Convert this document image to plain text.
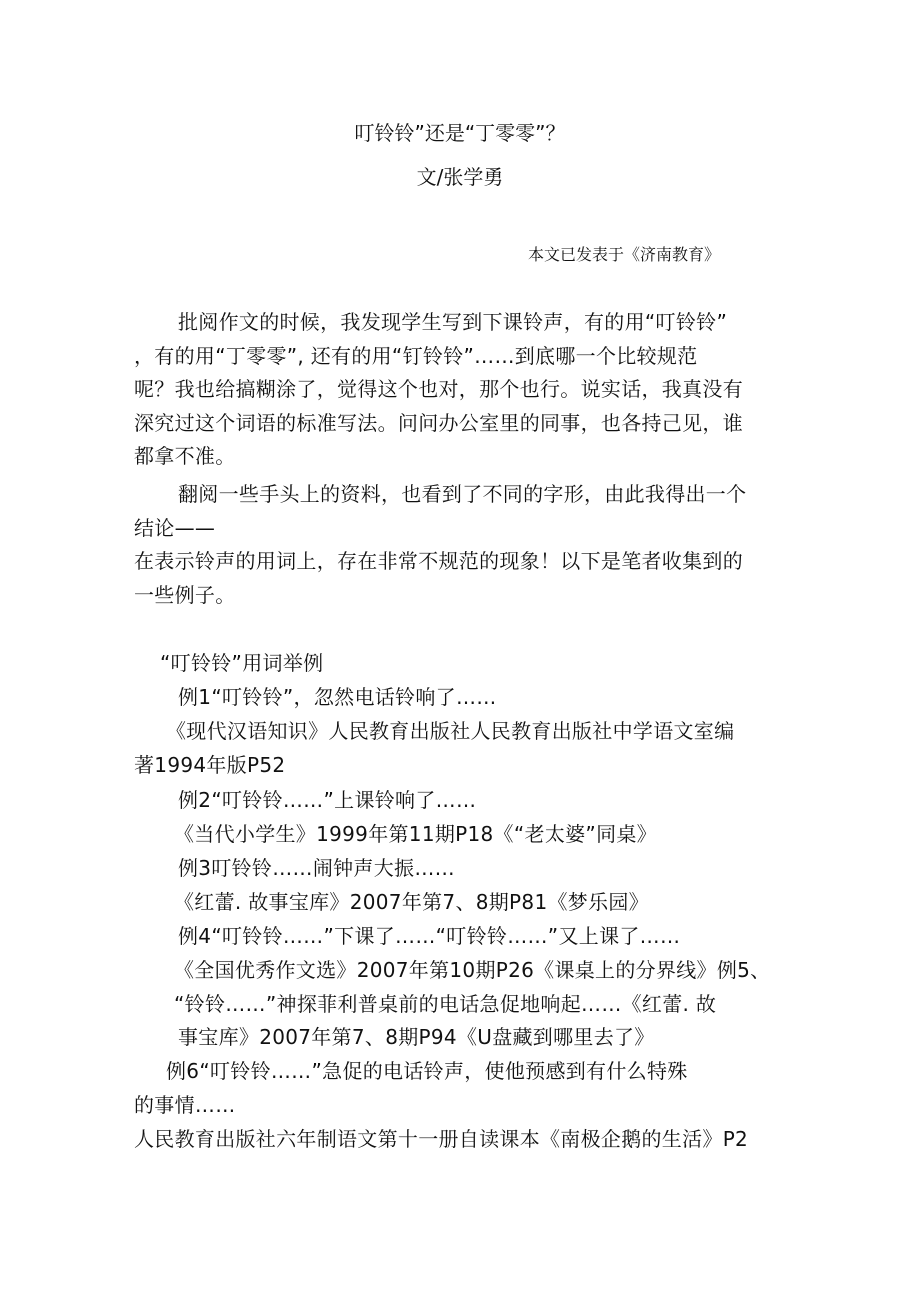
叮铃铃”还是“丁零零”？
文/张学勇
本文已发表于《济南教育》
批阅作文的时候，我发现学生写到下课铃声，有的用“叮铃铃”
，有的用“丁零零”, 还有的用“钉铃铃”……到底哪一个比较规范
呢？我也给搞糊涂了，觉得这个也对，那个也行。说实话，我真没有
深究过这个词语的标准写法。问问办公室里的同事，也各持己见，谁
都拿不准。
翻阅一些手头上的资料，也看到了不同的字形，由此我得出一个
结论——
在表示铃声的用词上，存在非常不规范的现象！以下是笔者收集到的
一些例子。
“叮铃铃”用词举例
例1“叮铃铃”，忽然电话铃响了……
《现代汉语知识》人民教育出版社人民教育出版社中学语文室编
著1994年版P52
例2“叮铃铃……”上课铃响了……
《当代小学生》1999年第11期P18《“老太婆”同桌》
例3叮铃铃……闹钟声大振……
《红蕾. 故事宝库》2007年第7、8期P81《梦乐园》
例4“叮铃铃……”下课了……“叮铃铃……”又上课了……
《全国优秀作文选》2007年第10期P26《课桌上的分界线》例5、
“铃铃……”神探菲利普桌前的电话急促地响起……《红蕾. 故
事宝库》2007年第7、8期P94《U盘藏到哪里去了》
例6“叮铃铃……”急促的电话铃声，使他预感到有什么特殊
的事情……
人民教育出版社六年制语文第十一册自读课本《南极企鹅的生活》P2
